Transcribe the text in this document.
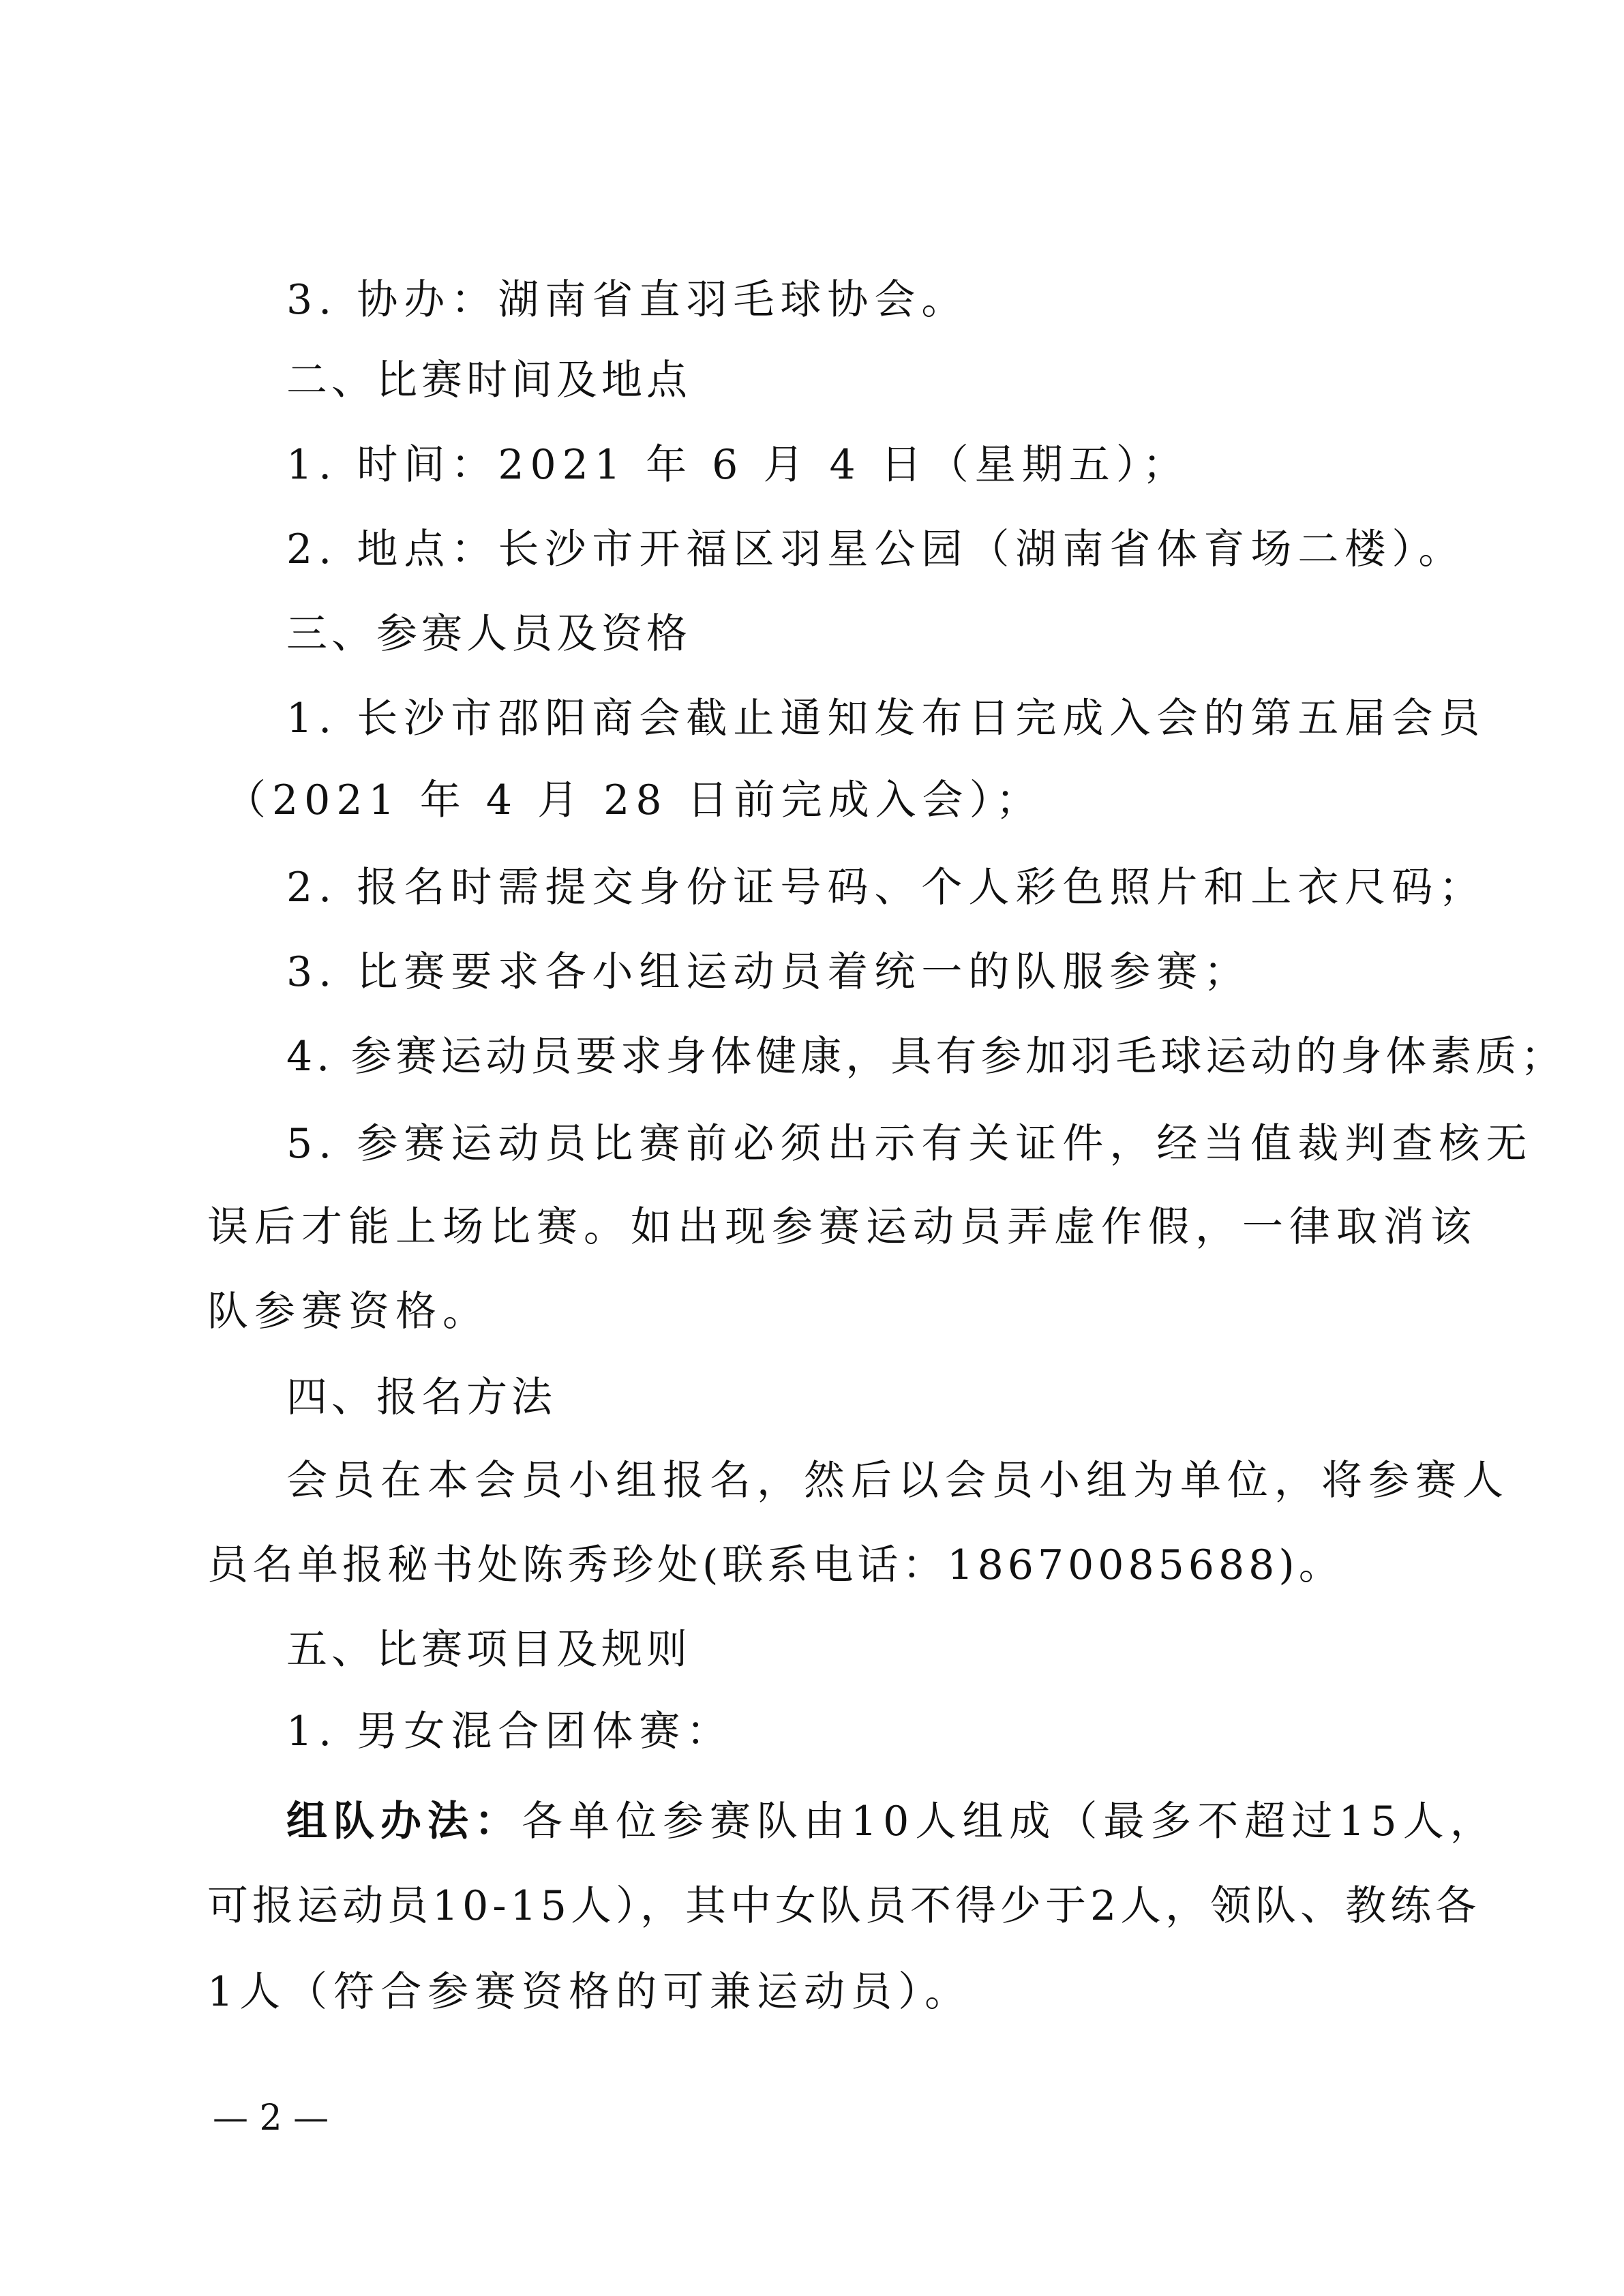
3. 协办：湖南省直羽毛球协会。
二、比赛时间及地点
1. 时间：2021 年 6 月 4 日（星期五）；
2. 地点：长沙市开福区羽星公园（湖南省体育场二楼）。
三、参赛人员及资格
1. 长沙市邵阳商会截止通知发布日完成入会的第五届会员
（2021 年 4 月 28 日前完成入会）；
2. 报名时需提交身份证号码、个人彩色照片和上衣尺码；
3. 比赛要求各小组运动员着统一的队服参赛；
4. 参赛运动员要求身体健康，具有参加羽毛球运动的身体素质；
5. 参赛运动员比赛前必须出示有关证件，经当值裁判查核无
误后才能上场比赛。如出现参赛运动员弄虚作假，一律取消该
队参赛资格。
四、报名方法
会员在本会员小组报名，然后以会员小组为单位，将参赛人
员名单报秘书处陈秀珍处(联系电话：18670085688)。
五、比赛项目及规则
1. 男女混合团体赛：
组队办法：各单位参赛队由10人组成（最多不超过15人，
可报运动员10-15人），其中女队员不得少于2人，领队、教练各
1人（符合参赛资格的可兼运动员）。
— 2 —
